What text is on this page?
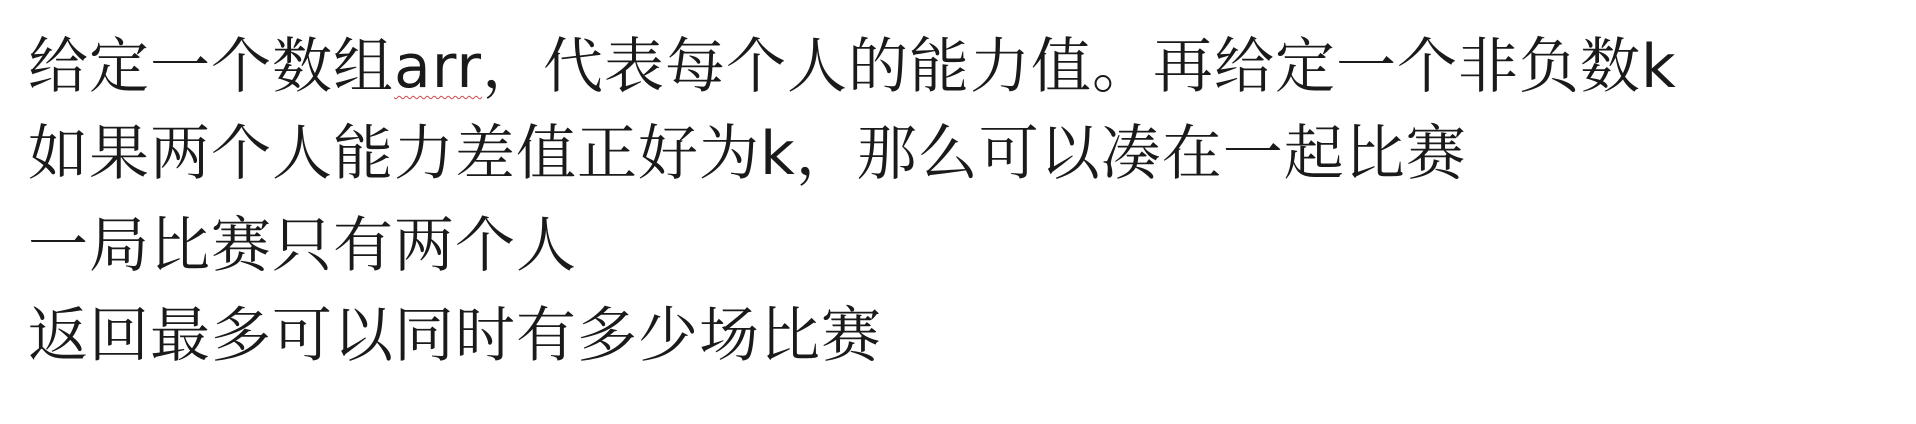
给定一个数组arr，代表每个人的能力值。再给定一个非负数k
如果两个人能力差值正好为k，那么可以凑在一起比赛
一局比赛只有两个人
返回最多可以同时有多少场比赛
